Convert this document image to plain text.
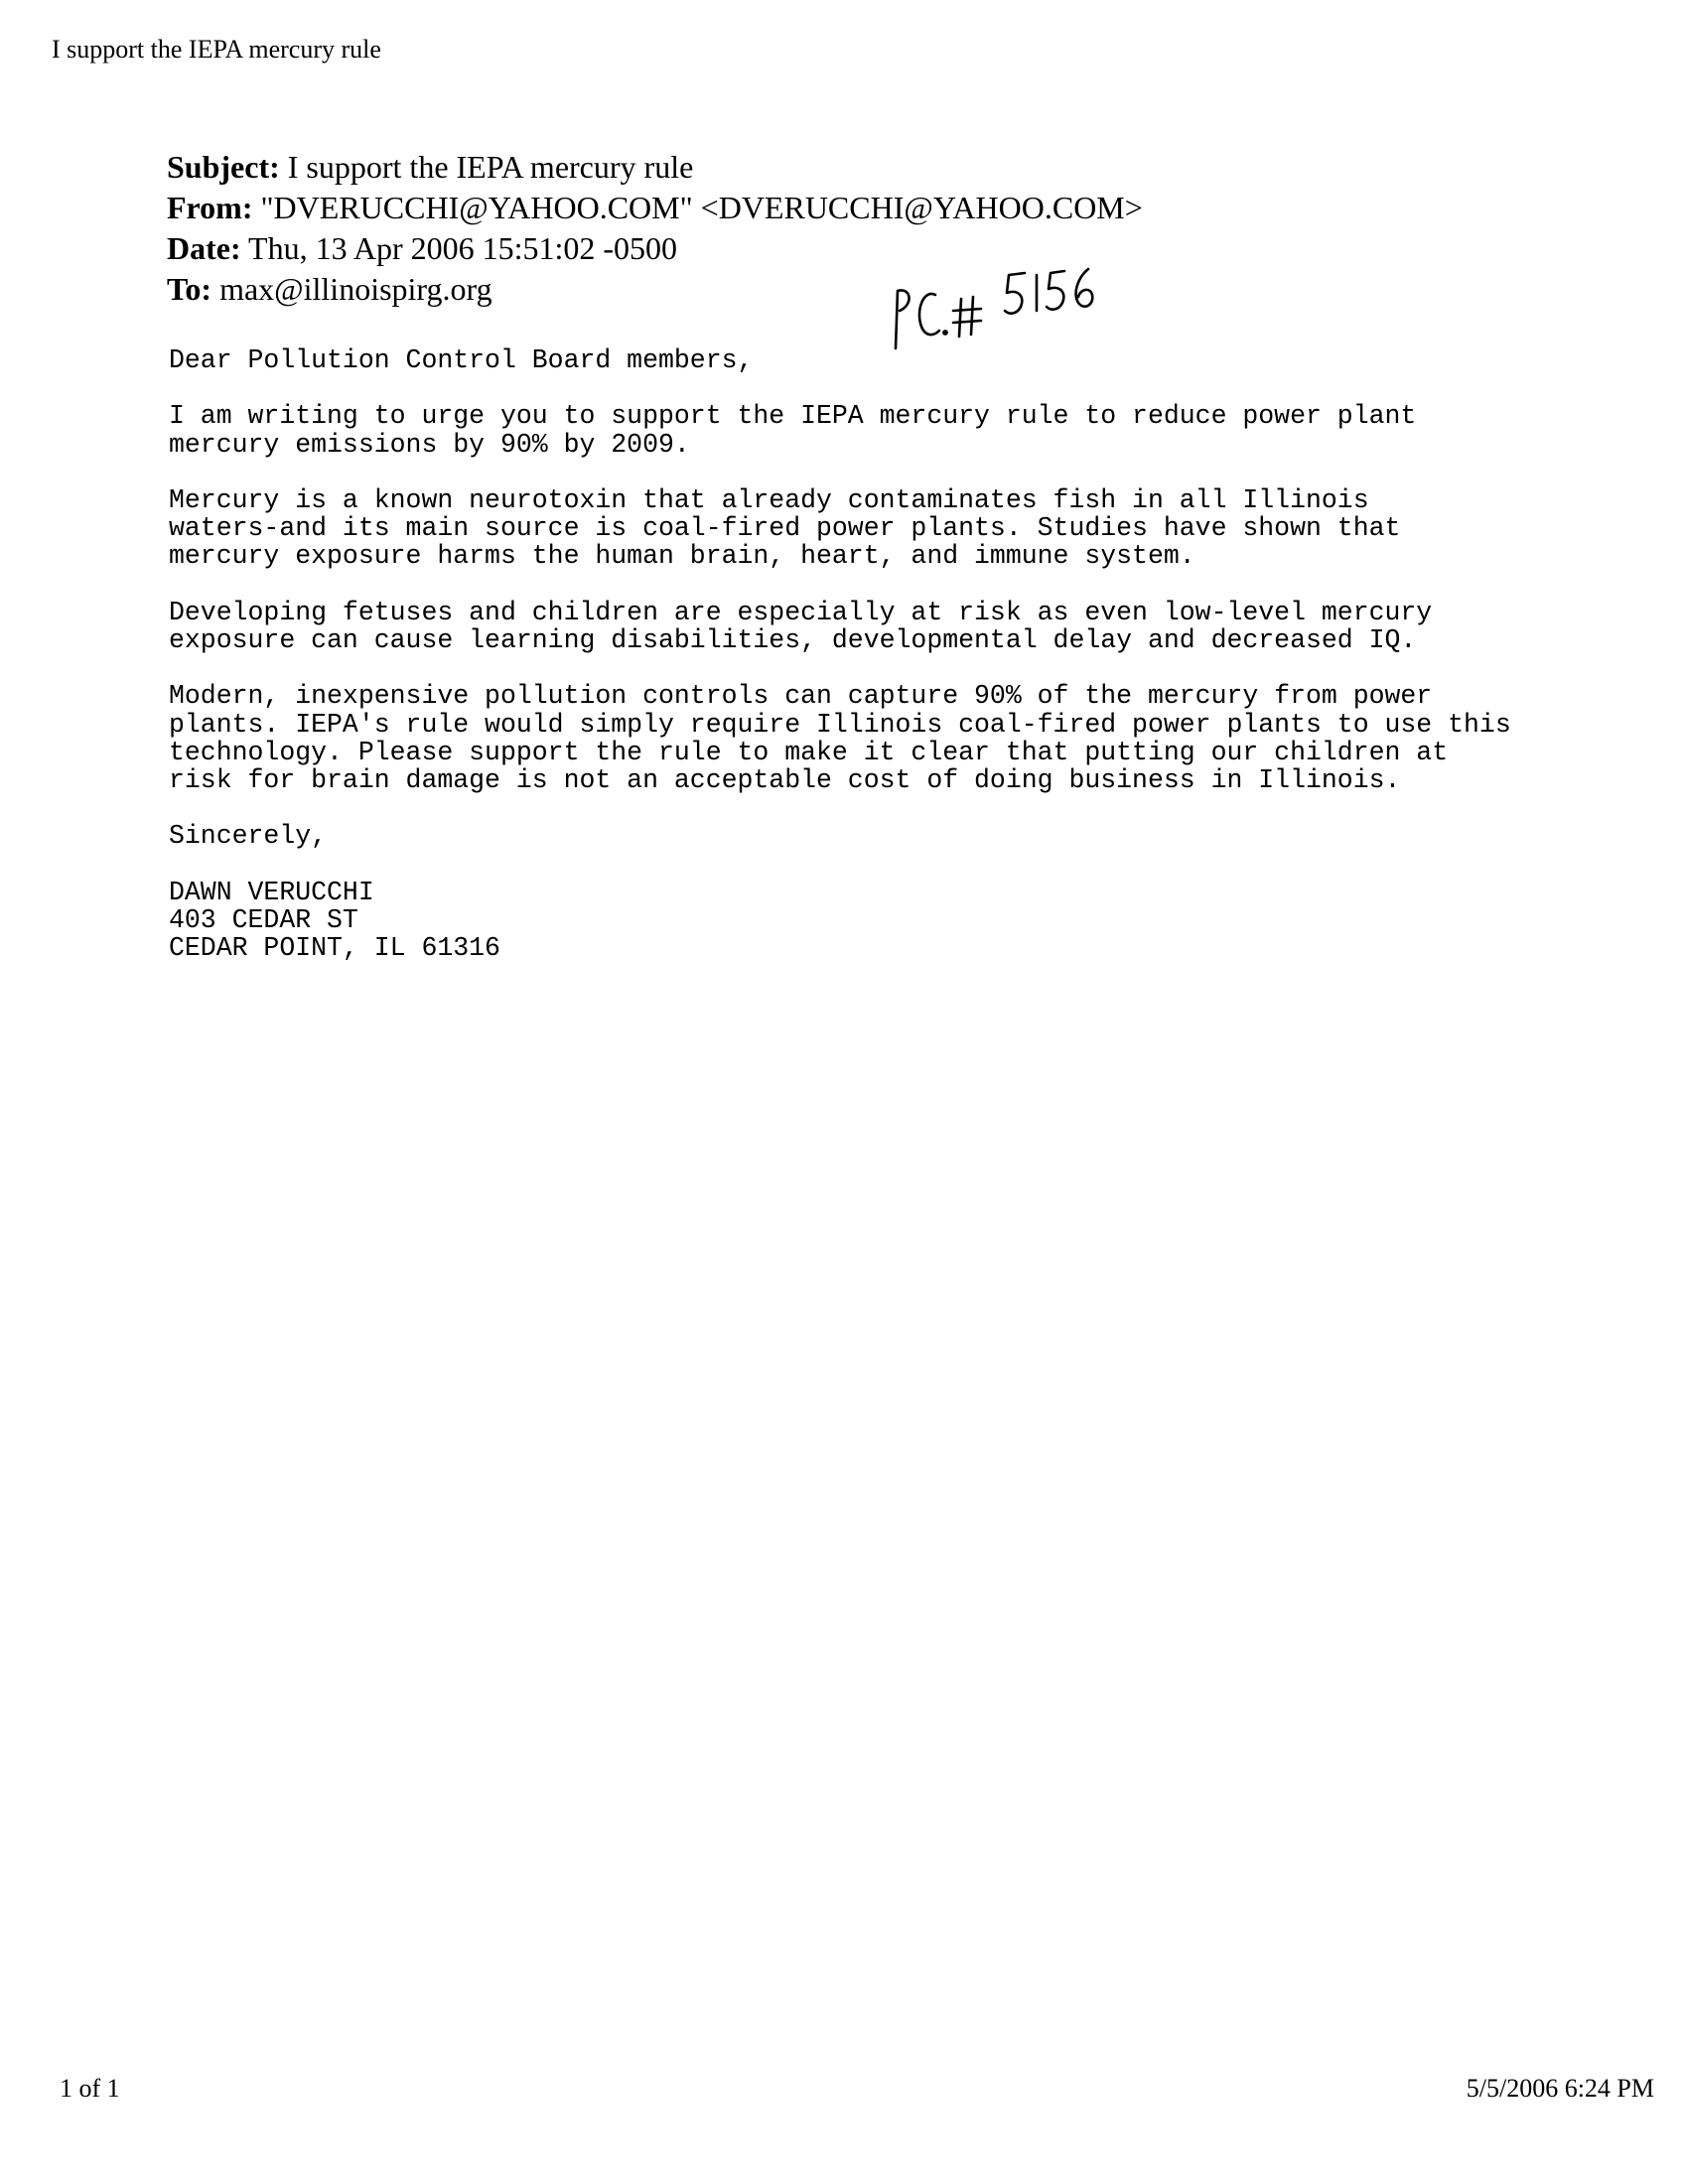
I support the IEPA mercury rule
Subject: I support the IEPA mercury rule
From: "DVERUCCHI@YAHOO.COM" <DVERUCCHI@YAHOO.COM>
Date: Thu, 13 Apr 2006 15:51:02 -0500
To: max@illinoispirg.org

Dear Pollution Control Board members,

I am writing to urge you to support the IEPA mercury rule to reduce power plant
mercury emissions by 90% by 2009.

Mercury is a known neurotoxin that already contaminates fish in all Illinois
waters-and its main source is coal-fired power plants. Studies have shown that
mercury exposure harms the human brain, heart, and immune system.

Developing fetuses and children are especially at risk as even low-level mercury
exposure can cause learning disabilities, developmental delay and decreased IQ.

Modern, inexpensive pollution controls can capture 90% of the mercury from power
plants. IEPA's rule would simply require Illinois coal-fired power plants to use this
technology. Please support the rule to make it clear that putting our children at
risk for brain damage is not an acceptable cost of doing business in Illinois.

Sincerely,

DAWN VERUCCHI
403 CEDAR ST
CEDAR POINT, IL 61316
1 of 1	5/5/2006 6:24 PM
